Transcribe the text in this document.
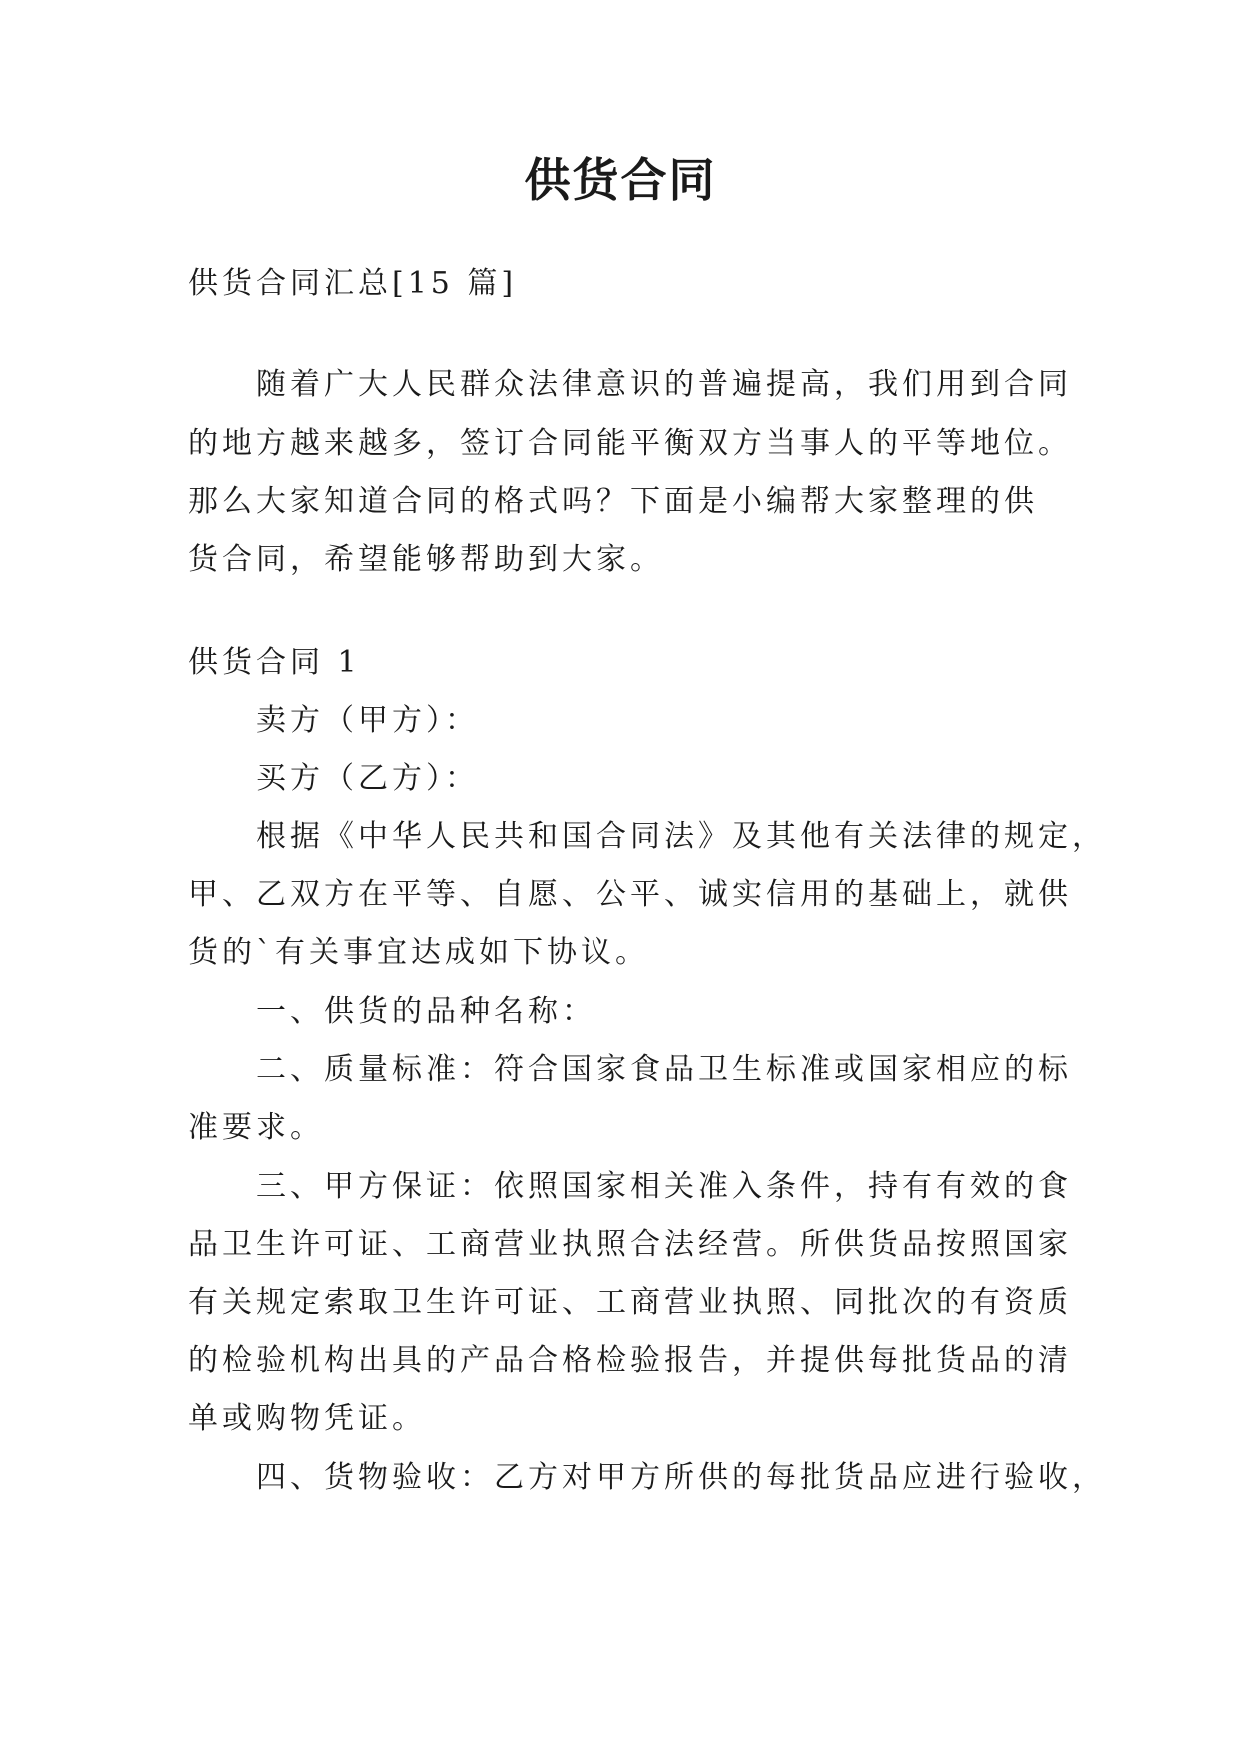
供货合同

供货合同汇总[15 篇]

随着广大人民群众法律意识的普遍提高，我们用到合同

的地方越来越多，签订合同能平衡双方当事人的平等地位。

那么大家知道合同的格式吗？下面是小编帮大家整理的供

货合同，希望能够帮助到大家。

供货合同 1

卖方（甲方）：

买方（乙方）：

根据《中华人民共和国合同法》及其他有关法律的规定，

甲、乙双方在平等、自愿、公平、诚实信用的基础上，就供

货的`有关事宜达成如下协议。

一、供货的品种名称：

二、质量标准：符合国家食品卫生标准或国家相应的标

准要求。

三、甲方保证：依照国家相关准入条件，持有有效的食

品卫生许可证、工商营业执照合法经营。所供货品按照国家

有关规定索取卫生许可证、工商营业执照、同批次的有资质

的检验机构出具的产品合格检验报告，并提供每批货品的清

单或购物凭证。

四、货物验收：乙方对甲方所供的每批货品应进行验收，
